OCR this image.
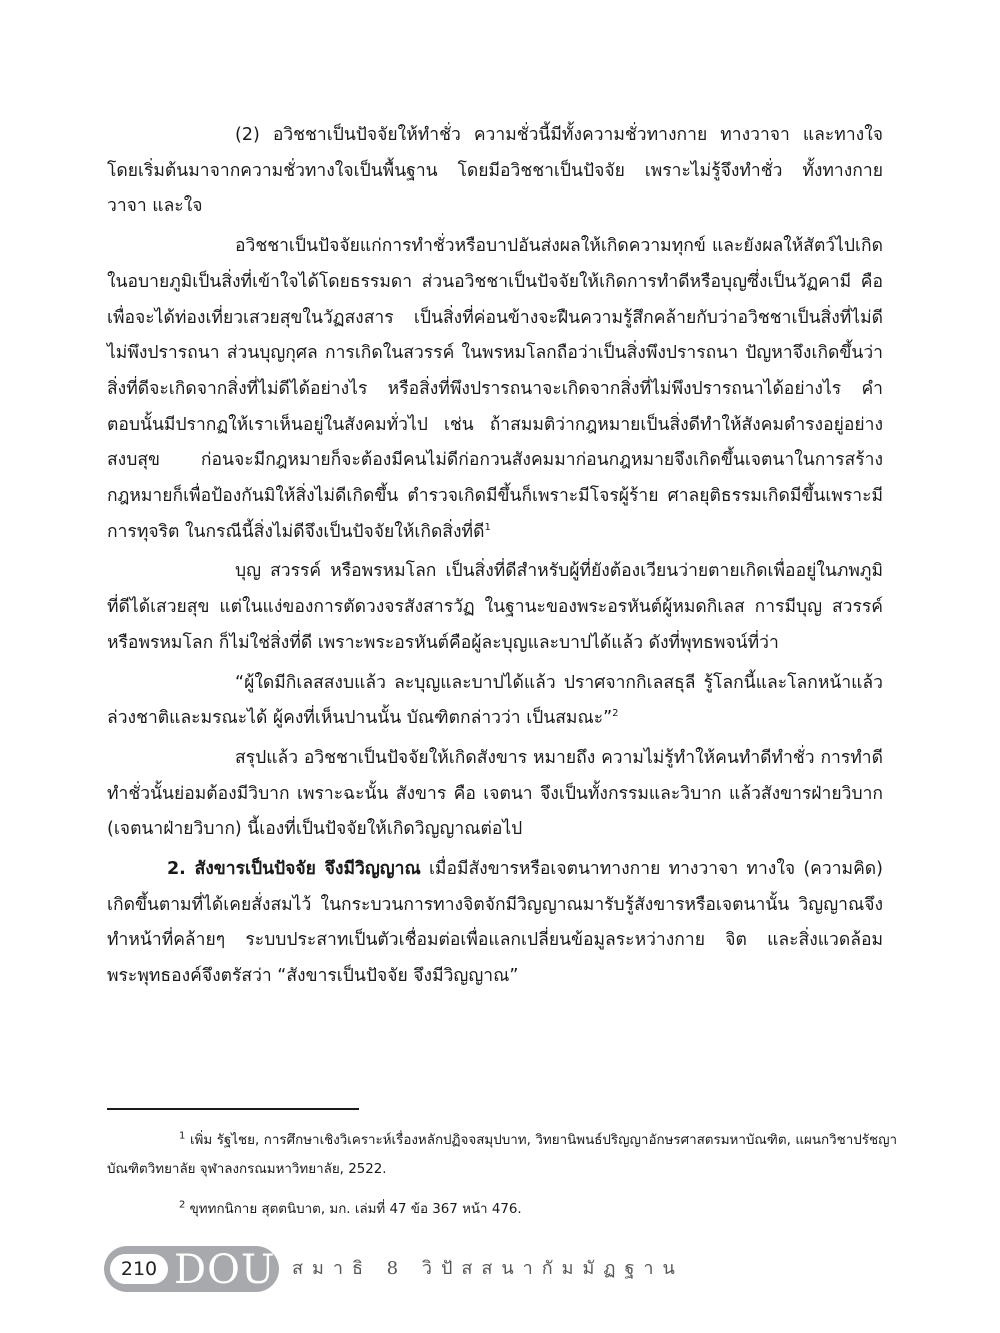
(2) อวิชชาเป็นปัจจัยให้ทำชั่ว ความชั่วนี้มีทั้งความชั่วทางกาย ทางวาจา และทางใจ โดยเริ่มต้นมาจากความชั่วทางใจเป็นพื้นฐาน โดยมีอวิชชาเป็นปัจจัย เพราะไม่รู้จึงทำชั่ว ทั้งทางกาย วาจา และใจ

อวิชชาเป็นปัจจัยแก่การทำชั่วหรือบาปอันส่งผลให้เกิดความทุกข์ และยังผลให้สัตว์ไปเกิดในอบายภูมิเป็นสิ่งที่เข้าใจได้โดยธรรมดา ส่วนอวิชชาเป็นปัจจัยให้เกิดการทำดีหรือบุญซึ่งเป็นวัฏคามี คือ เพื่อจะได้ท่องเที่ยวเสวยสุขในวัฏสงสาร เป็นสิ่งที่ค่อนข้างจะฝืนความรู้สึกคล้ายกับว่าอวิชชาเป็นสิ่งที่ไม่ดี ไม่พึงปรารถนา ส่วนบุญกุศล การเกิดในสวรรค์ ในพรหมโลกถือว่าเป็นสิ่งพึงปรารถนา ปัญหาจึงเกิดขึ้นว่า สิ่งที่ดีจะเกิดจากสิ่งที่ไม่ดีได้อย่างไร หรือสิ่งที่พึงปรารถนาจะเกิดจากสิ่งที่ไม่พึงปรารถนาได้อย่างไร คำตอบนั้นมีปรากฏให้เราเห็นอยู่ในสังคมทั่วไป เช่น ถ้าสมมติว่ากฎหมายเป็นสิ่งดีทำให้สังคมดำรงอยู่อย่างสงบสุข ก่อนจะมีกฎหมายก็จะต้องมีคนไม่ดีก่อกวนสังคมมาก่อนกฎหมายจึงเกิดขึ้นเจตนาในการสร้างกฎหมายก็เพื่อป้องกันมิให้สิ่งไม่ดีเกิดขึ้น ตำรวจเกิดมีขึ้นก็เพราะมีโจรผู้ร้าย ศาลยุติธรรมเกิดมีขึ้นเพราะมีการทุจริต ในกรณีนี้สิ่งไม่ดีจึงเป็นปัจจัยให้เกิดสิ่งที่ดี$^1$

บุญ สวรรค์ หรือพรหมโลก เป็นสิ่งที่ดีสำหรับผู้ที่ยังต้องเวียนว่ายตายเกิดเพื่ออยู่ในภพภูมิที่ดีได้เสวยสุข แต่ในแง่ของการตัดวงจรสังสารวัฏ ในฐานะของพระอรหันต์ผู้หมดกิเลส การมีบุญ สวรรค์ หรือพรหมโลก ก็ไม่ใช่สิ่งที่ดี เพราะพระอรหันต์คือผู้ละบุญและบาปได้แล้ว ดังที่พุทธพจน์ที่ว่า

“ผู้ใดมีกิเลสสงบแล้ว ละบุญและบาปได้แล้ว ปราศจากกิเลสธุลี รู้โลกนี้และโลกหน้าแล้ว ล่วงชาติและมรณะได้ ผู้คงที่เห็นปานนั้น บัณฑิตกล่าวว่า เป็นสมณะ”$^2$

สรุปแล้ว อวิชชาเป็นปัจจัยให้เกิดสังขาร หมายถึง ความไม่รู้ทำให้คนทำดีทำชั่ว การทำดีทำชั่วนั้นย่อมต้องมีวิบาก เพราะฉะนั้น สังขาร คือ เจตนา จึงเป็นทั้งกรรมและวิบาก แล้วสังขารฝ่ายวิบาก (เจตนาฝ่ายวิบาก) นี้เองที่เป็นปัจจัยให้เกิดวิญญาณต่อไป

2. สังขารเป็นปัจจัย จึงมีวิญญาณ เมื่อมีสังขารหรือเจตนาทางกาย ทางวาจา ทางใจ (ความคิด) เกิดขึ้นตามที่ได้เคยสั่งสมไว้ ในกระบวนการทางจิตจักมีวิญญาณมารับรู้สังขารหรือเจตนานั้น วิญญาณจึงทำหน้าที่คล้ายๆ ระบบประสาทเป็นตัวเชื่อมต่อเพื่อแลกเปลี่ยนข้อมูลระหว่างกาย จิต และสิ่งแวดล้อม พระพุทธองค์จึงตรัสว่า “สังขารเป็นปัจจัย จึงมีวิญญาณ”

$^1$ เพิ่ม รัฐไชย, การศึกษาเชิงวิเคราะห์เรื่องหลักปฏิจจสมุปบาท, วิทยานิพนธ์ปริญญาอักษรศาสตรมหาบัณฑิต, แผนกวิชาปรัชญา บัณฑิตวิทยาลัย จุฬาลงกรณมหาวิทยาลัย, 2522.

$^2$ ขุททกนิกาย สุตตนิบาต, มก. เล่มที่ 47 ข้อ 367 หน้า 476.

210 DOU สมาธิ 8 วิปัสสนากัมมัฏฐาน
